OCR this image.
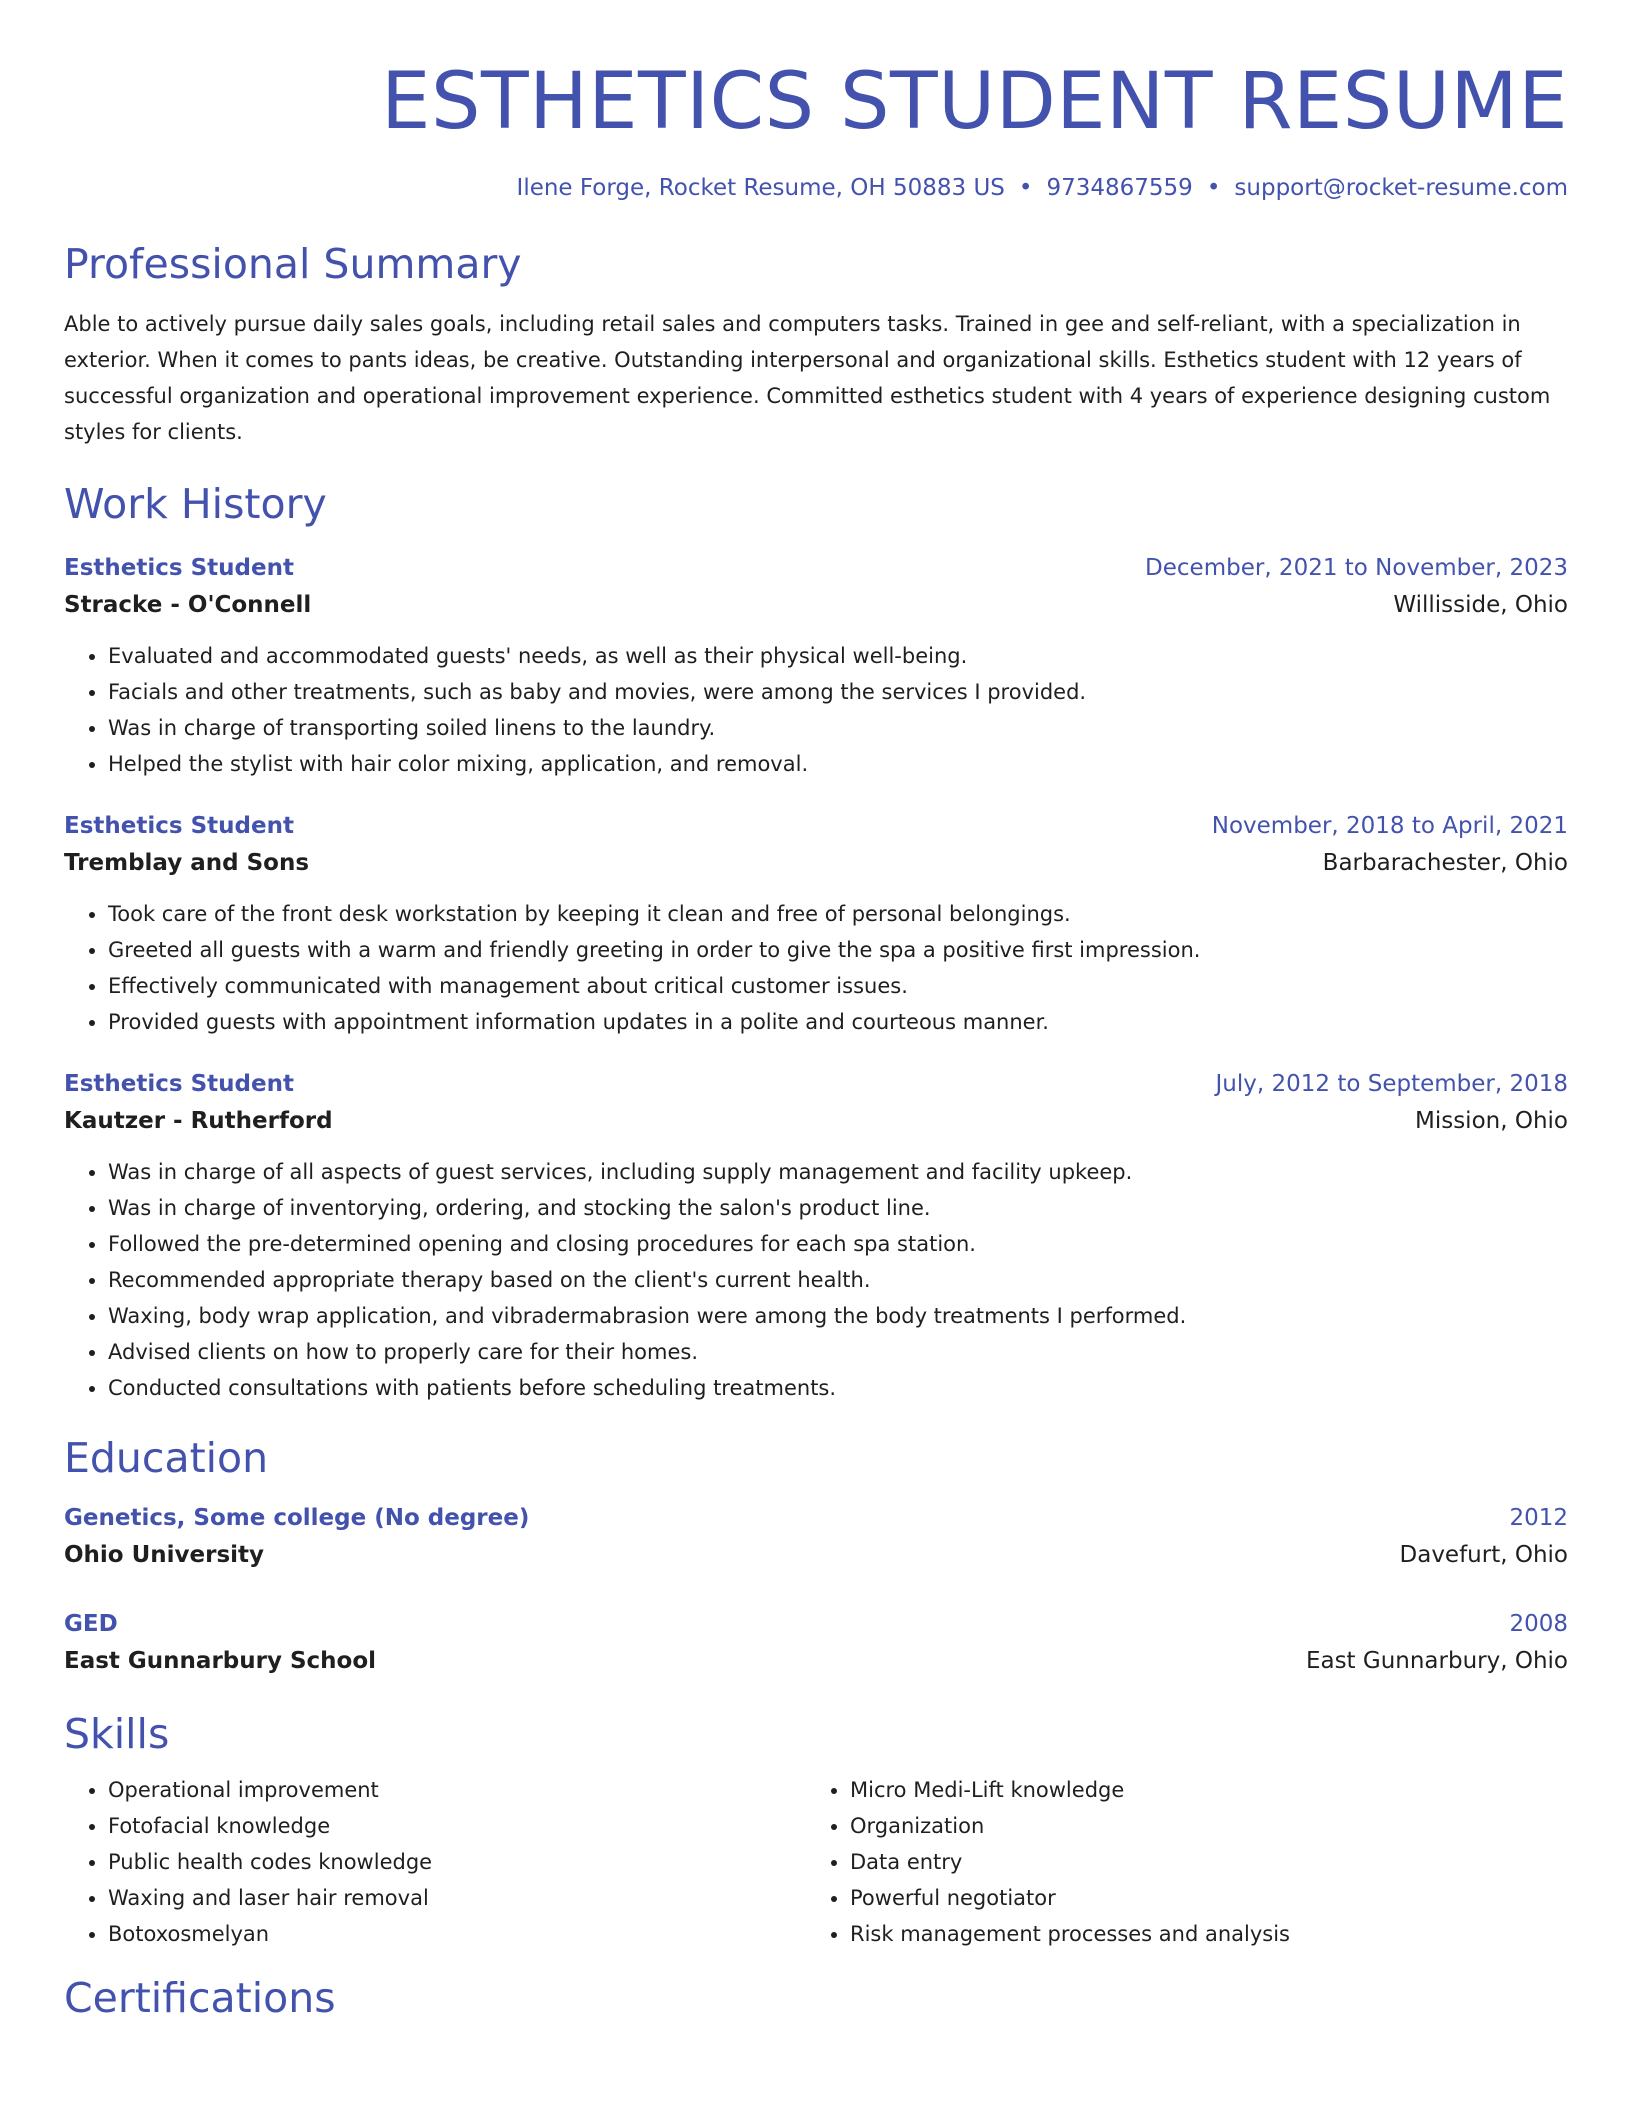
ESTHETICS STUDENT RESUME
Ilene Forge, Rocket Resume, OH 50883 US • 9734867559 • support@rocket-resume.com
Professional Summary

Able to actively pursue daily sales goals, including retail sales and computers tasks. Trained in gee and self-reliant, with a specialization in exterior. When it comes to pants ideas, be creative. Outstanding interpersonal and organizational skills. Esthetics student with 12 years of successful organization and operational improvement experience. Committed esthetics student with 4 years of experience designing custom styles for clients.

Work History
Esthetics Student	December, 2021 to November, 2023
Stracke - O'Connell	Willisside, Ohio
• Evaluated and accommodated guests' needs, as well as their physical well-being.
• Facials and other treatments, such as baby and movies, were among the services I provided.
• Was in charge of transporting soiled linens to the laundry.
• Helped the stylist with hair color mixing, application, and removal.
Esthetics Student	November, 2018 to April, 2021
Tremblay and Sons	Barbarachester, Ohio
• Took care of the front desk workstation by keeping it clean and free of personal belongings.
• Greeted all guests with a warm and friendly greeting in order to give the spa a positive first impression.
• Effectively communicated with management about critical customer issues.
• Provided guests with appointment information updates in a polite and courteous manner.
Esthetics Student	July, 2012 to September, 2018
Kautzer - Rutherford	Mission, Ohio
• Was in charge of all aspects of guest services, including supply management and facility upkeep.
• Was in charge of inventorying, ordering, and stocking the salon's product line.
• Followed the pre-determined opening and closing procedures for each spa station.
• Recommended appropriate therapy based on the client's current health.
• Waxing, body wrap application, and vibradermabrasion were among the body treatments I performed.
• Advised clients on how to properly care for their homes.
• Conducted consultations with patients before scheduling treatments.
Education
Genetics, Some college (No degree)	2012
Ohio University	Davefurt, Ohio
GED	2008
East Gunnarbury School	East Gunnarbury, Ohio
Skills
• Operational improvement
• Fotofacial knowledge
• Public health codes knowledge
• Waxing and laser hair removal
• Botoxosmelyan
• Micro Medi-Lift knowledge
• Organization
• Data entry
• Powerful negotiator
• Risk management processes and analysis
Certifications
